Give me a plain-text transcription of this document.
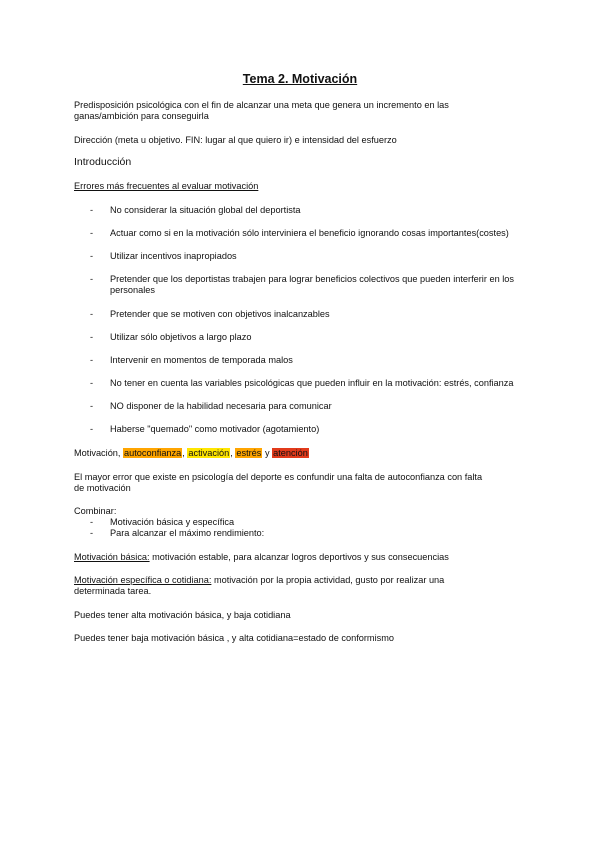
Tema 2. Motivación
Predisposición psicológica con el fin de alcanzar una meta que genera un incremento en las
ganas/ambición para conseguirla
Dirección (meta u objetivo. FIN: lugar al que quiero ir) e intensidad del esfuerzo
Introducción
Errores más frecuentes al evaluar motivación
- No considerar la situación global del deportista
- Actuar como si en la motivación sólo interviniera el beneficio ignorando cosas importantes(costes)
- Utilizar incentivos inapropiados
- Pretender que los deportistas trabajen para lograr beneficios colectivos que pueden interferir en los personales
- Pretender que se motiven con objetivos inalcanzables
- Utilizar sólo objetivos a largo plazo
- Intervenir en momentos de temporada malos
- No tener en cuenta las variables psicológicas que pueden influir en la motivación: estrés, confianza
- NO disponer de la habilidad necesaria para comunicar
- Haberse "quemado" como motivador (agotamiento)
Motivación, autoconfianza, activación, estrés y atención
El mayor error que existe en psicología del deporte es confundir una falta de autoconfianza con falta
de motivación
Combinar:
- Motivación básica y específica
- Para alcanzar el máximo rendimiento:
Motivación básica: motivación estable, para alcanzar logros deportivos y sus consecuencias
Motivación específica o cotidiana: motivación por la propia actividad, gusto por realizar una
determinada tarea.
Puedes tener alta motivación básica, y baja cotidiana
Puedes tener baja motivación básica , y alta cotidiana=estado de conformismo
